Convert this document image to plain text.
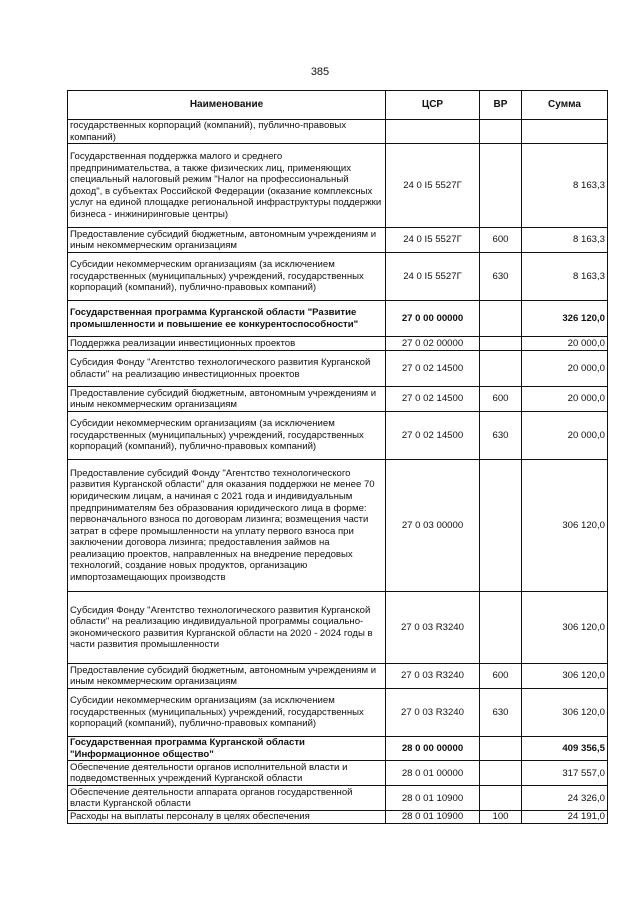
385
Наименование	ЦСР	ВР	Сумма
государственных корпораций (компаний), публично-правовых компаний)			
Государственная поддержка малого и среднего предпринимательства, а также физических лиц, применяющих специальный налоговый режим "Налог на профессиональный доход", в субъектах Российской Федерации (оказание комплексных услуг на единой площадке региональной инфраструктуры поддержки бизнеса - инжиниринговые центры)	24 0 I5 5527Г		8 163,3
Предоставление субсидий бюджетным, автономным учреждениям и иным некоммерческим организациям	24 0 I5 5527Г	600	8 163,3
Субсидии некоммерческим организациям (за исключением государственных (муниципальных) учреждений, государственных корпораций (компаний), публично-правовых компаний)	24 0 I5 5527Г	630	8 163,3
Государственная программа Курганской области "Развитие промышленности и повышение ее конкурентоспособности"	27 0 00 00000		326 120,0
Поддержка реализации инвестиционных проектов	27 0 02 00000		20 000,0
Субсидия Фонду "Агентство технологического развития Курганской области" на реализацию инвестиционных проектов	27 0 02 14500		20 000,0
Предоставление субсидий бюджетным, автономным учреждениям и иным некоммерческим организациям	27 0 02 14500	600	20 000,0
Субсидии некоммерческим организациям (за исключением государственных (муниципальных) учреждений, государственных корпораций (компаний), публично-правовых компаний)	27 0 02 14500	630	20 000,0
Предоставление субсидий Фонду "Агентство технологического развития Курганской области" для оказания поддержки не менее 70 юридическим лицам, а начиная с 2021 года и индивидуальным предпринимателям без образования юридического лица в форме: первоначального взноса по договорам лизинга; возмещения части затрат в сфере промышленности на уплату первого взноса при заключении договора лизинга; предоставления займов на реализацию проектов, направленных на внедрение передовых технологий, создание новых продуктов, организацию импортозамещающих производств	27 0 03 00000		306 120,0
Субсидия Фонду "Агентство технологического развития Курганской области" на реализацию индивидуальной программы социально-экономического развития Курганской области на 2020 - 2024 годы в части развития промышленности	27 0 03 R3240		306 120,0
Предоставление субсидий бюджетным, автономным учреждениям и иным некоммерческим организациям	27 0 03 R3240	600	306 120,0
Субсидии некоммерческим организациям (за исключением государственных (муниципальных) учреждений, государственных корпораций (компаний), публично-правовых компаний)	27 0 03 R3240	630	306 120,0
Государственная программа Курганской области "Информационное общество"	28 0 00 00000		409 356,5
Обеспечение деятельности органов исполнительной власти и подведомственных учреждений Курганской области	28 0 01 00000		317 557,0
Обеспечение деятельности аппарата органов государственной власти Курганской области	28 0 01 10900		24 326,0
Расходы на выплаты персоналу в целях обеспечения	28 0 01 10900	100	24 191,0
